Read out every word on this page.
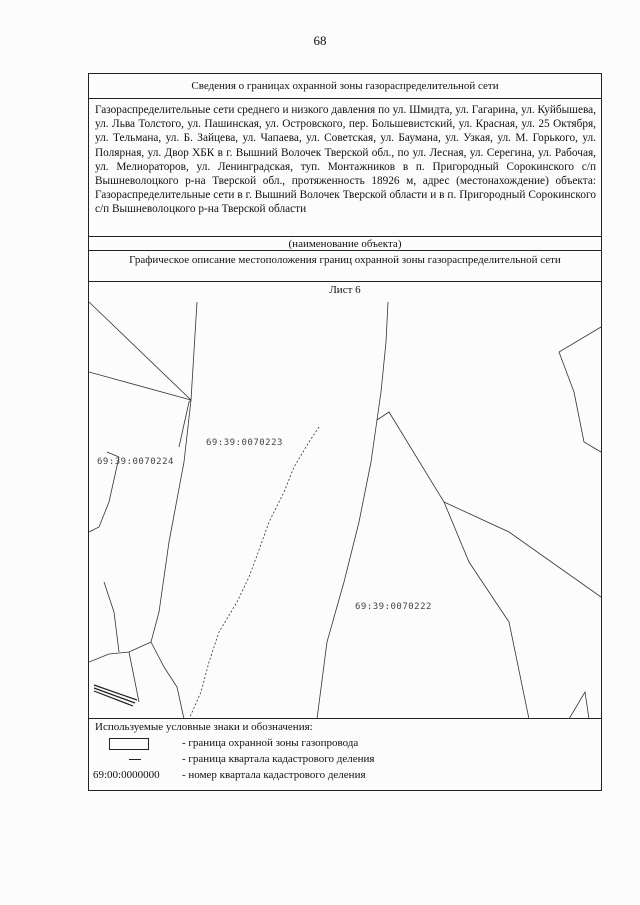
68
Сведения о границах охранной зоны газораспределительной сети
Газораспределительные сети среднего и низкого давления по ул. Шмидта, ул. Гагарина, ул. Куйбышева, ул. Льва Толстого, ул. Пашинская, ул. Островского, пер. Большевистский, ул. Красная, ул. 25 Октября, ул. Тельмана, ул. Б. Зайцева, ул. Чапаева, ул. Советская, ул. Баумана, ул. Узкая, ул. М. Горького, ул. Полярная, ул. Двор ХБК в г. Вышний Волочек Тверской обл., по ул. Лесная, ул. Серегина, ул. Рабочая, ул. Мелиораторов, ул. Ленинградская, туп. Монтажников в п. Пригородный Сорокинского с/п Вышневолоцкого р-на Тверской обл., протяженность 18926 м, адрес (местонахождение) объекта: Газораспределительные сети в г. Вышний Волочек Тверской области и в п. Пригородный Сорокинского с/п Вышневолоцкого р-на Тверской области
(наименование объекта)
Графическое описание местоположения границ охранной зоны газораспределительной сети
69:39:0070224
69:39:0070223
69:39:0070222
Лист 6
Используемые условные знаки и обозначения:
- граница охранной зоны газопровода
- граница квартала кадастрового деления
69:00:0000000 - номер квартала кадастрового деления
